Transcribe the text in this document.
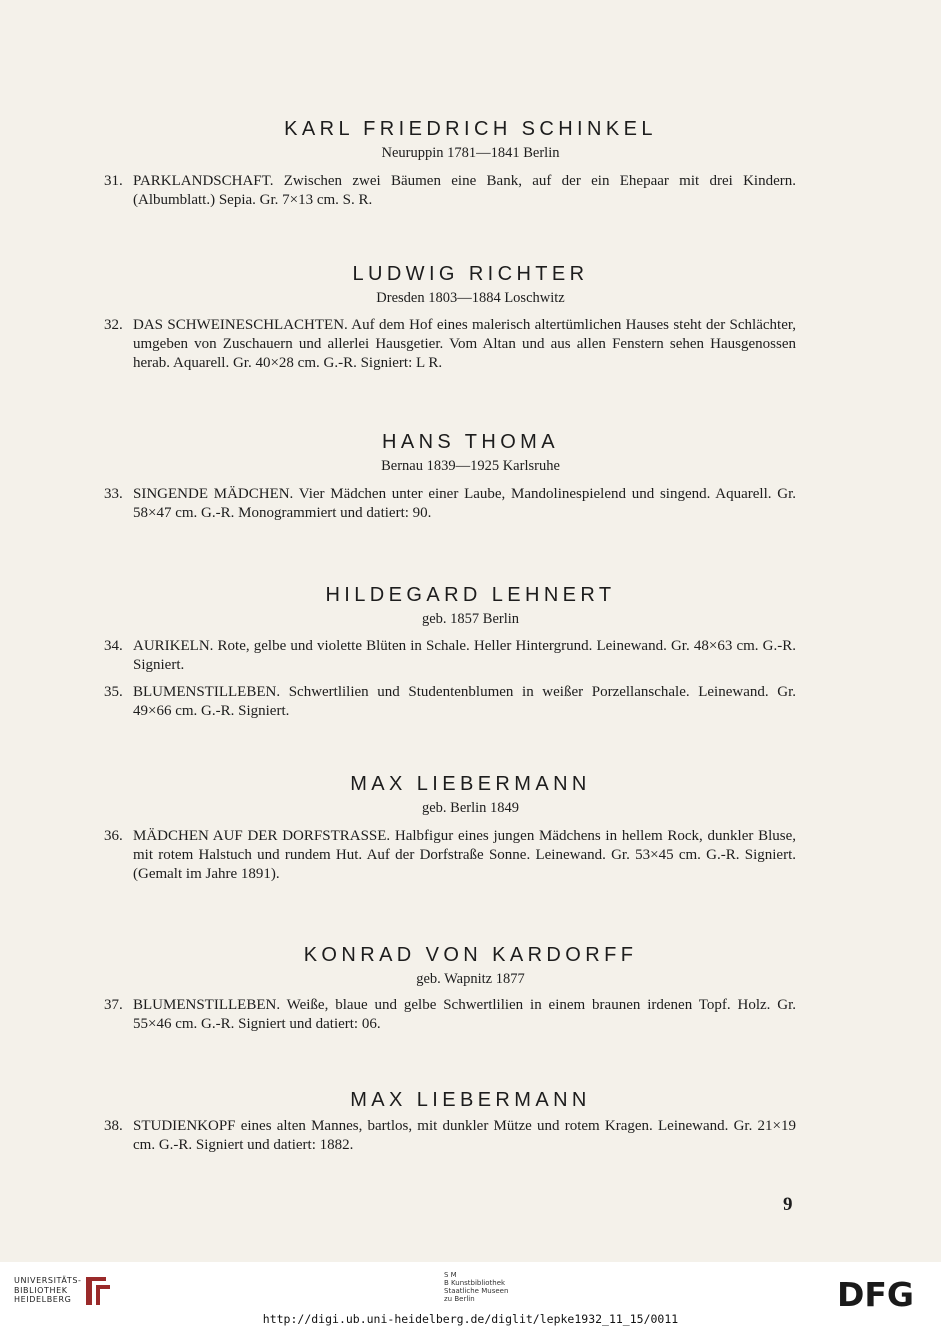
KARL FRIEDRICH SCHINKEL
Neuruppin 1781—1841 Berlin
31. PARKLANDSCHAFT. Zwischen zwei Bäumen eine Bank, auf der ein Ehepaar mit drei Kindern. (Albumblatt.) Sepia. Gr. 7×13 cm. S. R.
LUDWIG RICHTER
Dresden 1803—1884 Loschwitz
32. DAS SCHWEINESCHLACHTEN. Auf dem Hof eines malerisch altertümlichen Hauses steht der Schlächter, umgeben von Zuschauern und allerlei Hausgetier. Vom Altan und aus allen Fenstern sehen Hausgenossen herab. Aquarell. Gr. 40×28 cm. G.-R. Signiert: L R.
HANS THOMA
Bernau 1839—1925 Karlsruhe
33. SINGENDE MÄDCHEN. Vier Mädchen unter einer Laube, Mandolinespielend und singend. Aquarell. Gr. 58×47 cm. G.-R. Monogrammiert und datiert: 90.
HILDEGARD LEHNERT
geb. 1857 Berlin
34. AURIKELN. Rote, gelbe und violette Blüten in Schale. Heller Hintergrund. Leinewand. Gr. 48×63 cm. G.-R. Signiert.
35. BLUMENSTILLEBEN. Schwertlilien und Studentenblumen in weißer Porzellanschale. Leinewand. Gr. 49×66 cm. G.-R. Signiert.
MAX LIEBERMANN
geb. Berlin 1849
36. MÄDCHEN AUF DER DORFSTRASSE. Halbfigur eines jungen Mädchens in hellem Rock, dunkler Bluse, mit rotem Halstuch und rundem Hut. Auf der Dorfstraße Sonne. Leinewand. Gr. 53×45 cm. G.-R. Signiert. (Gemalt im Jahre 1891).
KONRAD VON KARDORFF
geb. Wapnitz 1877
37. BLUMENSTILLEBEN. Weiße, blaue und gelbe Schwertlilien in einem braunen irdenen Topf. Holz. Gr. 55×46 cm. G.-R. Signiert und datiert: 06.
MAX LIEBERMANN
38. STUDIENKOPF eines alten Mannes, bartlos, mit dunkler Mütze und rotem Kragen. Leinewand. Gr. 21×19 cm. G.-R. Signiert und datiert: 1882.
9
UNIVERSITÄTS-
BIBLIOTHEK
HEIDELBERG
S M
B Kunstbibliothek
Staatliche Museen
zu Berlin	DFG
http://digi.ub.uni-heidelberg.de/diglit/lepke1932_11_15/0011
